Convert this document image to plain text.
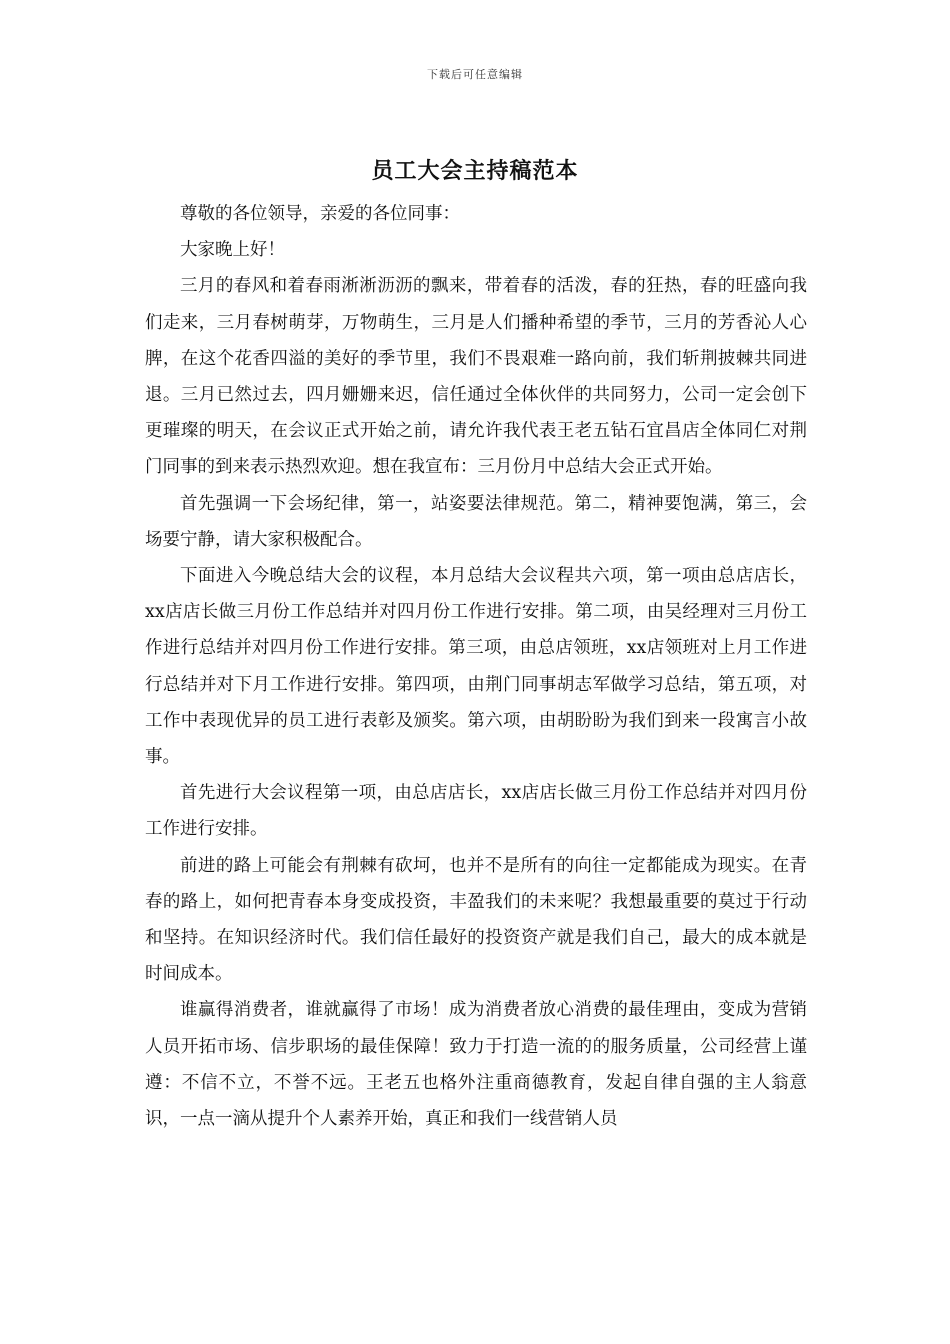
下载后可任意编辑
员工大会主持稿范本

尊敬的各位领导，亲爱的各位同事：

大家晚上好！

三月的春风和着春雨淅淅沥沥的飘来，带着春的活泼，春的狂热，春的旺盛向我们走来，三月春树萌芽，万物萌生，三月是人们播种希望的季节，三月的芳香沁人心脾，在这个花香四溢的美好的季节里，我们不畏艰难一路向前，我们斩荆披棘共同进退。三月已然过去，四月姗姗来迟，信任通过全体伙伴的共同努力，公司一定会创下更璀璨的明天，在会议正式开始之前，请允许我代表王老五钻石宜昌店全体同仁对荆门同事的到来表示热烈欢迎。想在我宣布：三月份月中总结大会正式开始。

首先强调一下会场纪律，第一，站姿要法律规范。第二，精神要饱满，第三，会场要宁静，请大家积极配合。

下面进入今晚总结大会的议程，本月总结大会议程共六项，第一项由总店店长，xx店店长做三月份工作总结并对四月份工作进行安排。第二项，由吴经理对三月份工作进行总结并对四月份工作进行安排。第三项，由总店领班，xx店领班对上月工作进行总结并对下月工作进行安排。第四项，由荆门同事胡志军做学习总结，第五项，对工作中表现优异的员工进行表彰及颁奖。第六项，由胡盼盼为我们到来一段寓言小故事。

首先进行大会议程第一项，由总店店长，xx店店长做三月份工作总结并对四月份工作进行安排。

前进的路上可能会有荆棘有砍坷，也并不是所有的向往一定都能成为现实。在青春的路上，如何把青春本身变成投资，丰盈我们的未来呢？我想最重要的莫过于行动和坚持。在知识经济时代。我们信任最好的投资资产就是我们自己，最大的成本就是时间成本。

谁赢得消费者，谁就赢得了市场！成为消费者放心消费的最佳理由，变成为营销人员开拓市场、信步职场的最佳保障！致力于打造一流的的服务质量，公司经营上谨遵：不信不立，不誉不远。王老五也格外注重商德教育，发起自律自强的主人翁意识，一点一滴从提升个人素养开始，真正和我们一线营销人员
